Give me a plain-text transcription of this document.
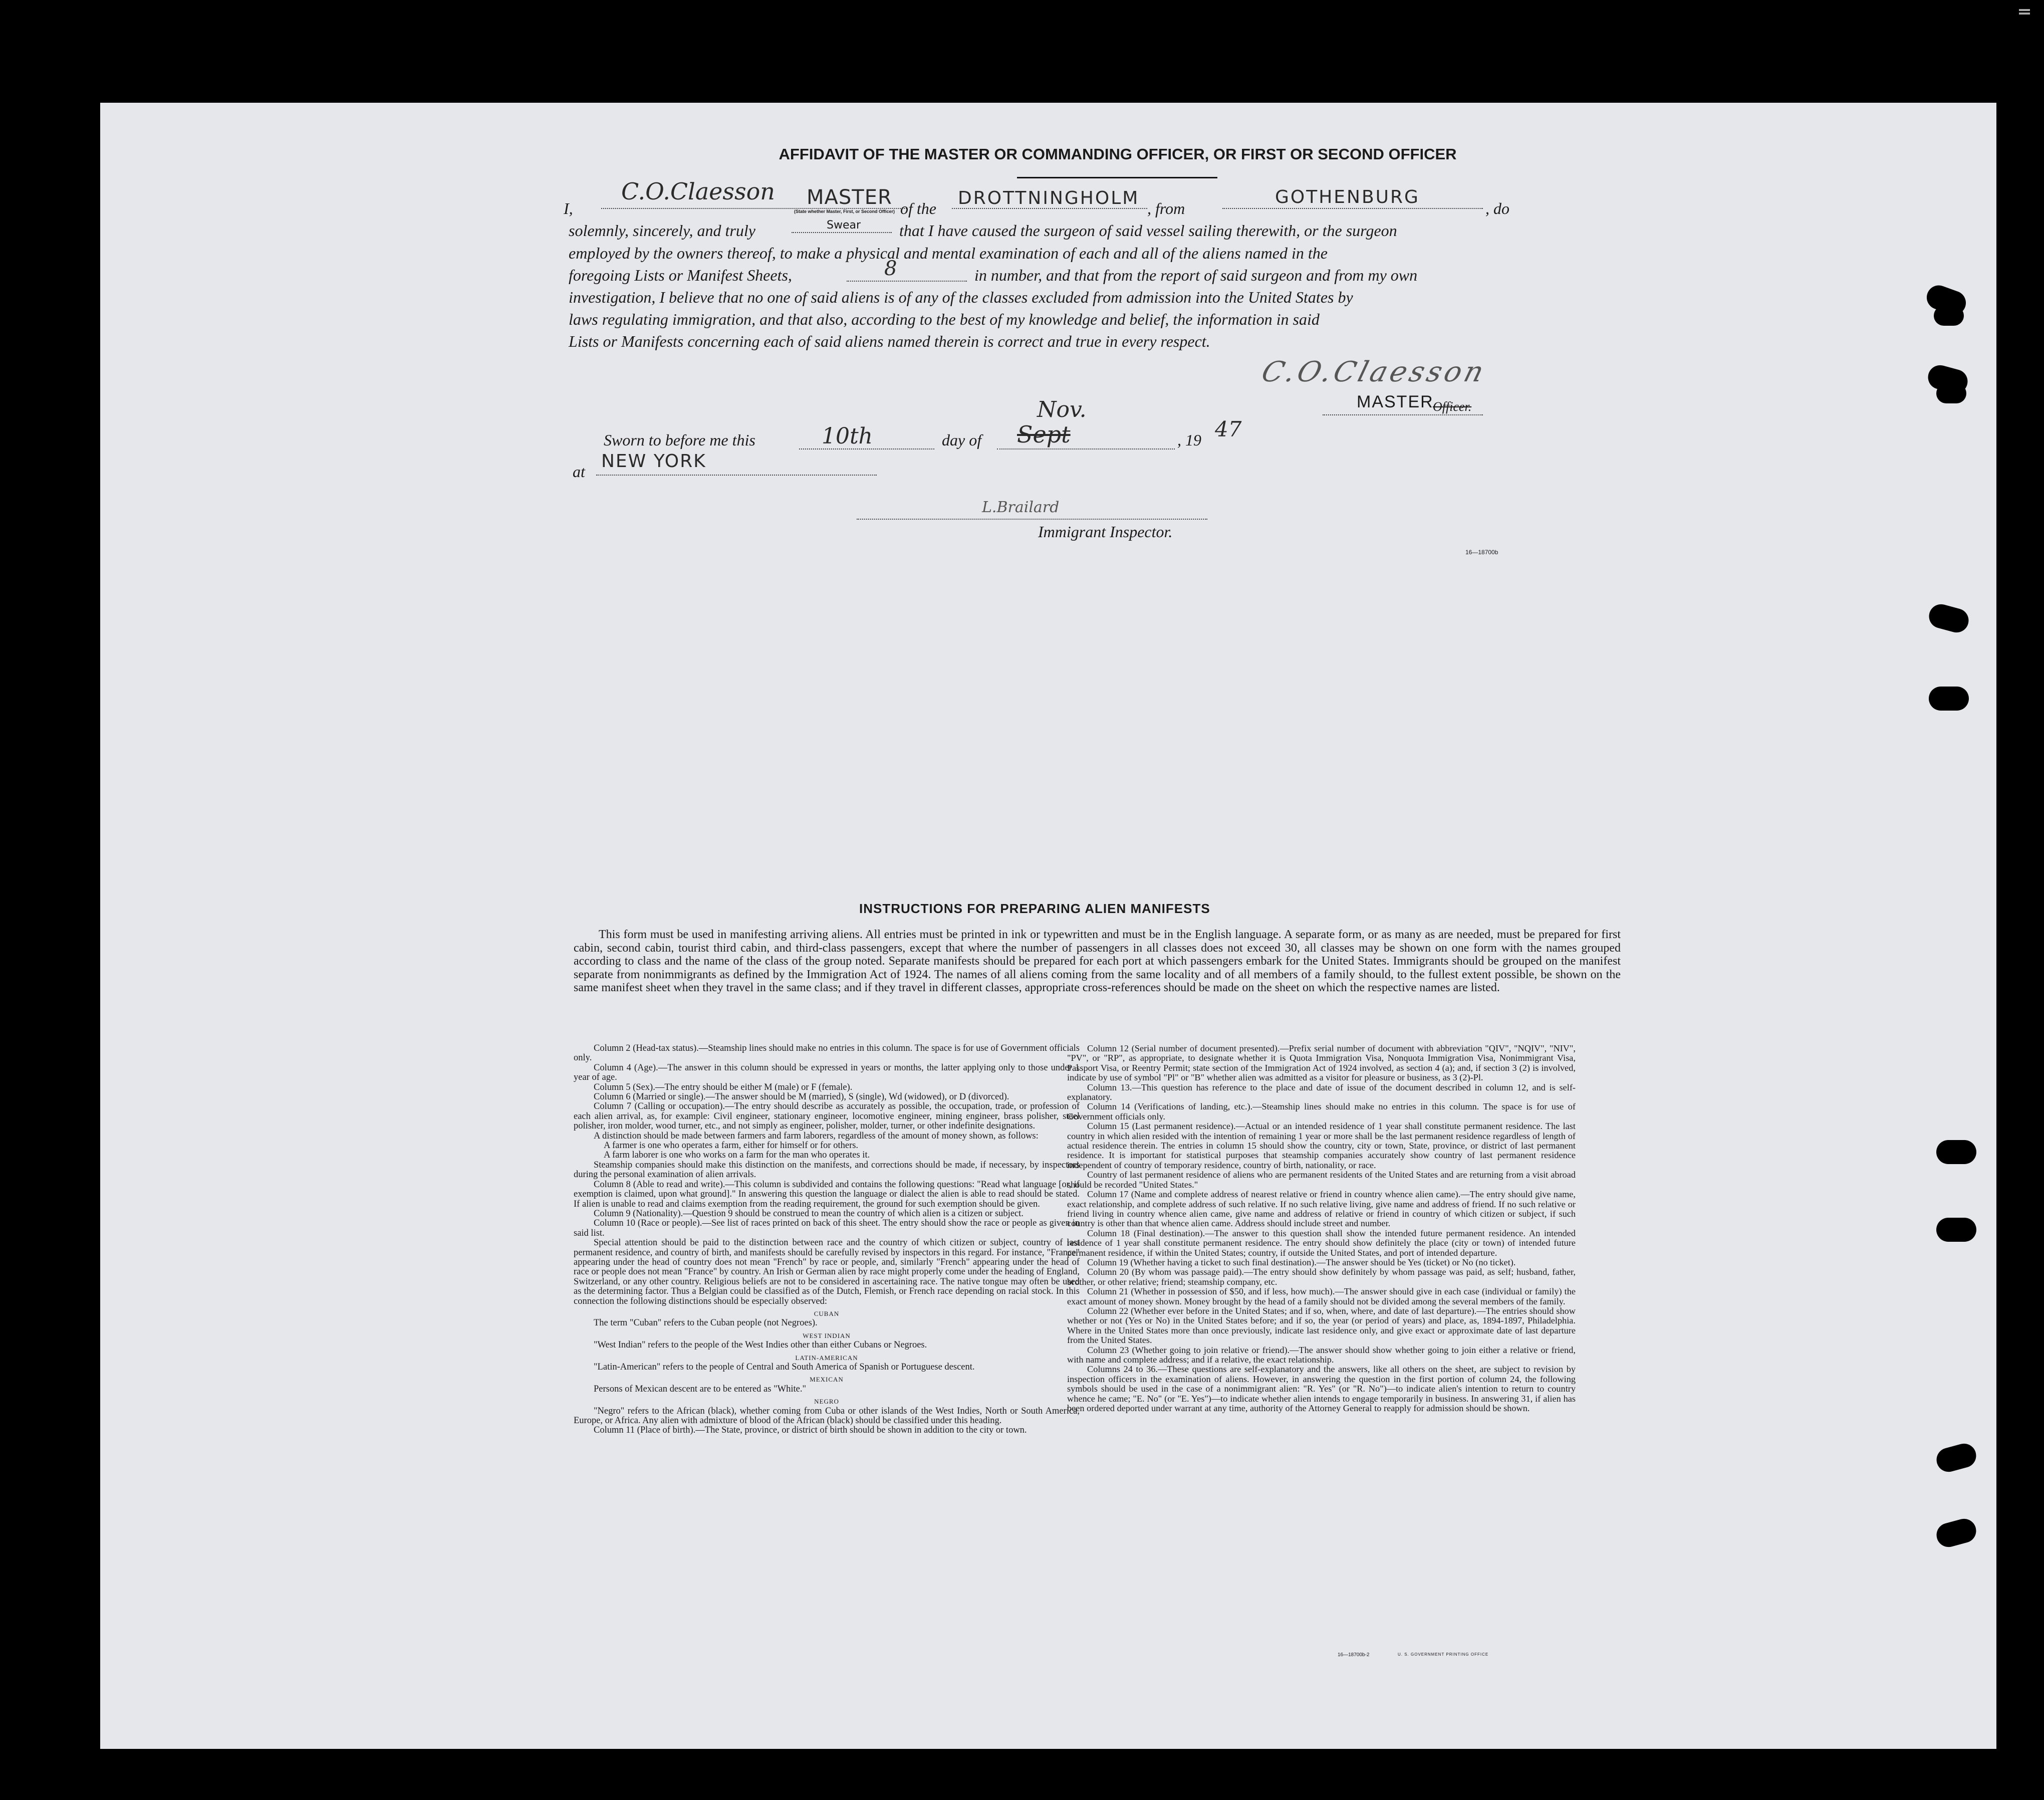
AFFIDAVIT OF THE MASTER OR COMMANDING OFFICER, OR FIRST OR SECOND OFFICER
I,
C.O.Claesson MASTER
(State whether Master, First, or Second Officer) of the DROTTNINGHOLM , from
GOTHENBURG
, do
solemnly, sincerely, and truly	Swear that I have caused the surgeon of said vessel sailing therewith, or the surgeon
employed by the owners thereof, to make a physical and mental examination of each and all of the aliens named in the
foregoing Lists or Manifest Sheets,	8	in number, and that from the report of said surgeon and from my own
investigation, I believe that no one of said aliens is of any of the classes excluded from admission into the United States by
laws regulating immigration, and that also, according to the best of my knowledge and belief, the information in said
Lists or Manifests concerning each of said aliens named therein is correct and true in every respect.
C.O.Claesson
MASTER
Officer.
Sworn to before me this	10th	day of
Nov.
Sept	, 19 47
at NEW YORK
L.Brailard
Immigrant Inspector.
16—18700b
INSTRUCTIONS FOR PREPARING ALIEN MANIFESTS
This form must be used in manifesting arriving aliens. All entries must be printed in ink or typewritten and must be in the English language. A separate form, or as many as are needed, must be prepared for first cabin, second cabin, tourist third cabin, and third-class passengers, except that where the number of passengers in all classes does not exceed 30, all classes may be shown on one form with the names grouped according to class and the name of the class of the group noted. Separate manifests should be prepared for each port at which passengers embark for the United States. Immigrants should be grouped on the manifest separate from nonimmigrants as defined by the Immigration Act of 1924. The names of all aliens coming from the same locality and of all members of a family should, to the fullest extent possible, be shown on the same manifest sheet when they travel in the same class; and if they travel in different classes, appropriate cross-references should be made on the sheet on which the respective names are listed.

Column 2 (Head-tax status).—Steamship lines should make no entries in this column. The space is for use of Government officials only.

Column 4 (Age).—The answer in this column should be expressed in years or months, the latter applying only to those under 1 year of age.

Column 5 (Sex).—The entry should be either M (male) or F (female).

Column 6 (Married or single).—The answer should be M (married), S (single), Wd (widowed), or D (divorced).

Column 7 (Calling or occupation).—The entry should describe as accurately as possible, the occupation, trade, or profession of each alien arrival, as, for example: Civil engineer, stationary engineer, locomotive engineer, mining engineer, brass polisher, steel polisher, iron molder, wood turner, etc., and not simply as engineer, polisher, molder, turner, or other indefinite designations.

A distinction should be made between farmers and farm laborers, regardless of the amount of money shown, as follows:

A farmer is one who operates a farm, either for himself or for others.

A farm laborer is one who works on a farm for the man who operates it.

Steamship companies should make this distinction on the manifests, and corrections should be made, if necessary, by inspectors during the personal examination of alien arrivals.

Column 8 (Able to read and write).—This column is subdivided and contains the following questions: "Read what language [or, if exemption is claimed, upon what ground]." In answering this question the language or dialect the alien is able to read should be stated. If alien is unable to read and claims exemption from the reading requirement, the ground for such exemption should be given.

Column 9 (Nationality).—Question 9 should be construed to mean the country of which alien is a citizen or subject.

Column 10 (Race or people).—See list of races printed on back of this sheet. The entry should show the race or people as given in said list.

Special attention should be paid to the distinction between race and the country of which citizen or subject, country of last permanent residence, and country of birth, and manifests should be carefully revised by inspectors in this regard. For instance, "France" appearing under the head of country does not mean "French" by race or people, and, similarly "French" appearing under the head of race or people does not mean "France" by country. An Irish or German alien by race might properly come under the heading of England, Switzerland, or any other country. Religious beliefs are not to be considered in ascertaining race. The native tongue may often be used as the determining factor. Thus a Belgian could be classified as of the Dutch, Flemish, or French race depending on racial stock. In this connection the following distinctions should be especially observed:

CUBAN

The term "Cuban" refers to the Cuban people (not Negroes).

WEST INDIAN

"West Indian" refers to the people of the West Indies other than either Cubans or Negroes.

LATIN-AMERICAN

"Latin-American" refers to the people of Central and South America of Spanish or Portuguese descent.

MEXICAN

Persons of Mexican descent are to be entered as "White."

NEGRO

"Negro" refers to the African (black), whether coming from Cuba or other islands of the West Indies, North or South America, Europe, or Africa. Any alien with admixture of blood of the African (black) should be classified under this heading.

Column 11 (Place of birth).—The State, province, or district of birth should be shown in addition to the city or town.

Column 12 (Serial number of document presented).—Prefix serial number of document with abbreviation "QIV", "NQIV", "NIV", "PV", or "RP", as appropriate, to designate whether it is Quota Immigration Visa, Nonquota Immigration Visa, Nonimmigrant Visa, Passport Visa, or Reentry Permit; state section of the Immigration Act of 1924 involved, as section 4 (a); and, if section 3 (2) is involved, indicate by use of symbol "Pl" or "B" whether alien was admitted as a visitor for pleasure or business, as 3 (2)-Pl.

Column 13.—This question has reference to the place and date of issue of the document described in column 12, and is self-explanatory.

Column 14 (Verifications of landing, etc.).—Steamship lines should make no entries in this column. The space is for use of Government officials only.

Column 15 (Last permanent residence).—Actual or an intended residence of 1 year shall constitute permanent residence. The last country in which alien resided with the intention of remaining 1 year or more shall be the last permanent residence regardless of length of actual residence therein. The entries in column 15 should show the country, city or town, State, province, or district of last permanent residence. It is important for statistical purposes that steamship companies accurately show country of last permanent residence independent of country of temporary residence, country of birth, nationality, or race.

Country of last permanent residence of aliens who are permanent residents of the United States and are returning from a visit abroad should be recorded "United States."

Column 17 (Name and complete address of nearest relative or friend in country whence alien came).—The entry should give name, exact relationship, and complete address of such relative. If no such relative living, give name and address of friend. If no such relative or friend living in country whence alien came, give name and address of relative or friend in country of which citizen or subject, if such country is other than that whence alien came. Address should include street and number.

Column 18 (Final destination).—The answer to this question shall show the intended future permanent residence. An intended residence of 1 year shall constitute permanent residence. The entry should show definitely the place (city or town) of intended future permanent residence, if within the United States; country, if outside the United States, and port of intended departure.

Column 19 (Whether having a ticket to such final destination).—The answer should be Yes (ticket) or No (no ticket).

Column 20 (By whom was passage paid).—The entry should show definitely by whom passage was paid, as self; husband, father, brother, or other relative; friend; steamship company, etc.

Column 21 (Whether in possession of $50, and if less, how much).—The answer should give in each case (individual or family) the exact amount of money shown. Money brought by the head of a family should not be divided among the several members of the family.

Column 22 (Whether ever before in the United States; and if so, when, where, and date of last departure).—The entries should show whether or not (Yes or No) in the United States before; and if so, the year (or period of years) and place, as, 1894-1897, Philadelphia. Where in the United States more than once previously, indicate last residence only, and give exact or approximate date of last departure from the United States.

Column 23 (Whether going to join relative or friend).—The answer should show whether going to join either a relative or friend, with name and complete address; and if a relative, the exact relationship.

Columns 24 to 36.—These questions are self-explanatory and the answers, like all others on the sheet, are subject to revision by inspection officers in the examination of aliens. However, in answering the question in the first portion of column 24, the following symbols should be used in the case of a nonimmigrant alien: "R. Yes" (or "R. No")—to indicate alien's intention to return to country whence he came; "E. No" (or "E. Yes")—to indicate whether alien intends to engage temporarily in business. In answering 31, if alien has been ordered deported under warrant at any time, authority of the Attorney General to reapply for admission should be shown.

16—18700b-2	U. S. GOVERNMENT PRINTING OFFICE
